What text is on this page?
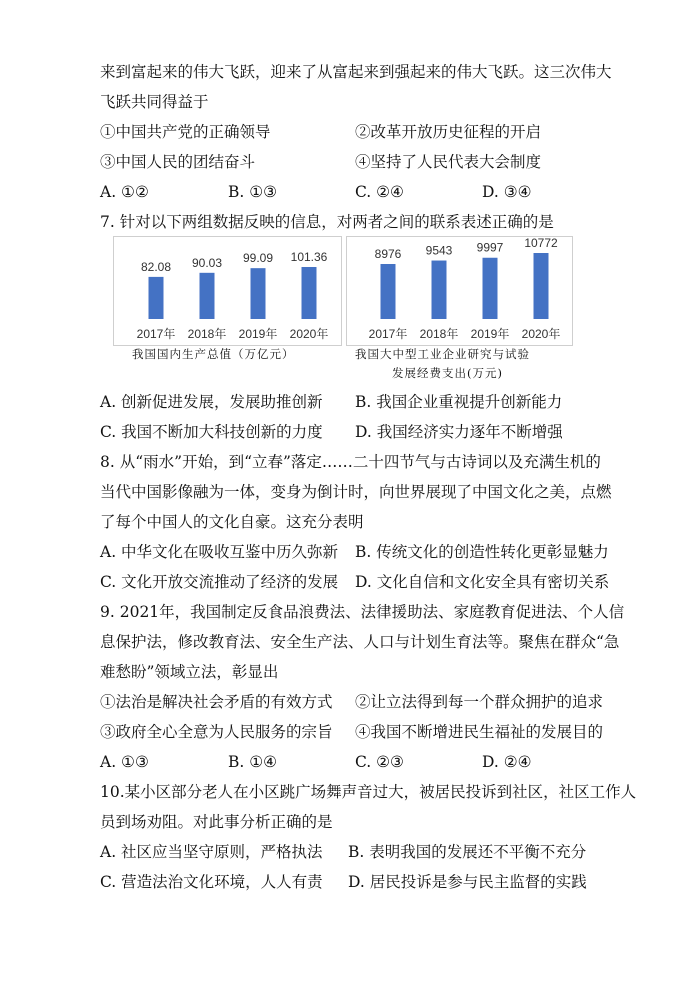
来到富起来的伟大飞跃，迎来了从富起来到强起来的伟大飞跃。这三次伟大
飞跃共同得益于
①中国共产党的正确领导	②改革开放历史征程的开启
③中国人民的团结奋斗	④坚持了人民代表大会制度
A. ①②	B. ①③	C. ②④	D. ③④
7. 针对以下两组数据反映的信息，对两者之间的联系表述正确的是
82.08
2017年
90.03
2018年
99.09
2019年
101.36
2020年
8976
2017年
9543
2018年
9997
2019年
10772
2020年
我国国内生产总值（万亿元）	我国大中型工业企业研究与试验
发展经费支出(万元)
A. 创新促进发展，发展助推创新 B. 我国企业重视提升创新能力
C. 我国不断加大科技创新的力度 D. 我国经济实力逐年不断增强
8. 从“雨水”开始，到“立春”落定……二十四节气与古诗词以及充满生机的
当代中国影像融为一体，变身为倒计时，向世界展现了中国文化之美，点燃
了每个中国人的文化自豪。这充分表明
A. 中华文化在吸收互鉴中历久弥新 B. 传统文化的创造性转化更彰显魅力
C. 文化开放交流推动了经济的发展 D. 文化自信和文化安全具有密切关系
9. 2021年，我国制定反食品浪费法、法律援助法、家庭教育促进法、个人信
息保护法，修改教育法、安全生产法、人口与计划生育法等。聚焦在群众“急
难愁盼”领域立法，彰显出
①法治是解决社会矛盾的有效方式 ②让立法得到每一个群众拥护的追求
③政府全心全意为人民服务的宗旨 ④我国不断增进民生福祉的发展目的
A. ①③	B. ①④	C. ②③	D. ②④
10.某小区部分老人在小区跳广场舞声音过大，被居民投诉到社区，社区工作人
员到场劝阻。对此事分析正确的是
A. 社区应当坚守原则，严格执法 B. 表明我国的发展还不平衡不充分
C. 营造法治文化环境，人人有责 D. 居民投诉是参与民主监督的实践
